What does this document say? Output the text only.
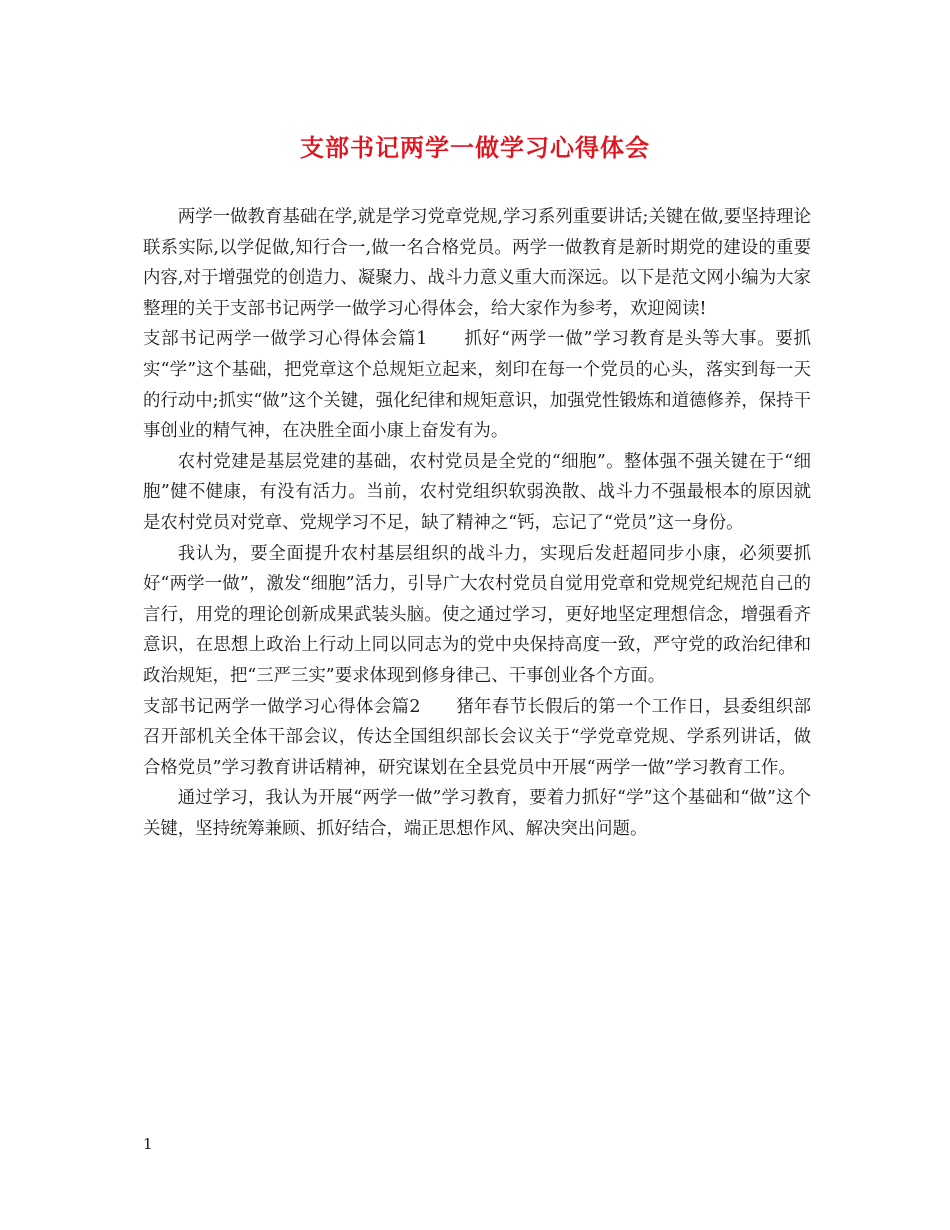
支部书记两学一做学习心得体会

两学一做教育基础在学,就是学习党章党规,学习系列重要讲话;关键在做,要坚持理论联系实际,以学促做,知行合一,做一名合格党员。两学一做教育是新时期党的建设的重要内容,对于增强党的创造力、凝聚力、战斗力意义重大而深远。以下是范文网小编为大家整理的关于支部书记两学一做学习心得体会，给大家作为参考，欢迎阅读!

支部书记两学一做学习心得体会篇1　　抓好“两学一做”学习教育是头等大事。要抓实“学”这个基础，把党章这个总规矩立起来，刻印在每一个党员的心头，落实到每一天的行动中;抓实“做”这个关键，强化纪律和规矩意识，加强党性锻炼和道德修养，保持干事创业的精气神，在决胜全面小康上奋发有为。

农村党建是基层党建的基础，农村党员是全党的“细胞”。整体强不强关键在于“细胞”健不健康，有没有活力。当前，农村党组织软弱涣散、战斗力不强最根本的原因就是农村党员对党章、党规学习不足，缺了精神之“钙，忘记了“党员”这一身份。

我认为，要全面提升农村基层组织的战斗力，实现后发赶超同步小康，必须要抓好“两学一做”，激发“细胞”活力，引导广大农村党员自觉用党章和党规党纪规范自己的言行，用党的理论创新成果武装头脑。使之通过学习，更好地坚定理想信念，增强看齐意识，在思想上政治上行动上同以同志为的党中央保持高度一致，严守党的政治纪律和政治规矩，把“三严三实”要求体现到修身律己、干事创业各个方面。

支部书记两学一做学习心得体会篇2　　猪年春节长假后的第一个工作日，县委组织部召开部机关全体干部会议，传达全国组织部长会议关于“学党章党规、学系列讲话，做合格党员”学习教育讲话精神，研究谋划在全县党员中开展“两学一做”学习教育工作。

通过学习，我认为开展“两学一做”学习教育，要着力抓好“学”这个基础和“做”这个关键，坚持统筹兼顾、抓好结合，端正思想作风、解决突出问题。

1
